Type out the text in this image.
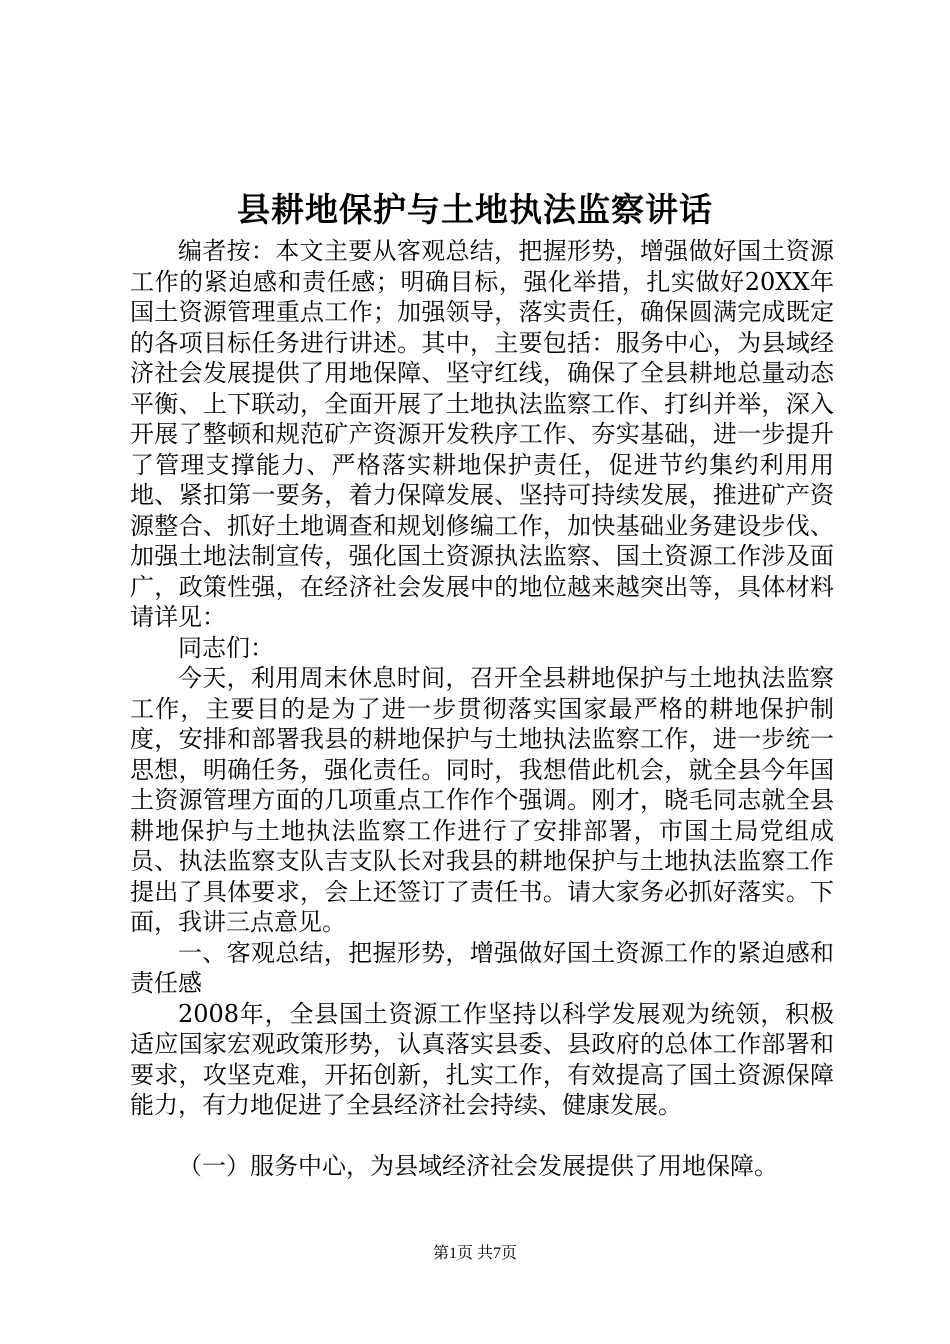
县耕地保护与土地执法监察讲话

编者按：本文主要从客观总结，把握形势，增强做好国土资源工作的紧迫感和责任感；明确目标，强化举措，扎实做好20XX年国土资源管理重点工作；加强领导，落实责任，确保圆满完成既定的各项目标任务进行讲述。其中，主要包括：服务中心，为县域经济社会发展提供了用地保障、坚守红线，确保了全县耕地总量动态平衡、上下联动，全面开展了土地执法监察工作、打纠并举，深入开展了整顿和规范矿产资源开发秩序工作、夯实基础，进一步提升了管理支撑能力、严格落实耕地保护责任，促进节约集约利用用地、紧扣第一要务，着力保障发展、坚持可持续发展，推进矿产资源整合、抓好土地调查和规划修编工作，加快基础业务建设步伐、加强土地法制宣传，强化国土资源执法监察、国土资源工作涉及面广，政策性强，在经济社会发展中的地位越来越突出等，具体材料请详见：

同志们：

今天，利用周末休息时间，召开全县耕地保护与土地执法监察工作，主要目的是为了进一步贯彻落实国家最严格的耕地保护制度，安排和部署我县的耕地保护与土地执法监察工作，进一步统一思想，明确任务，强化责任。同时，我想借此机会，就全县今年国土资源管理方面的几项重点工作作个强调。刚才，晓毛同志就全县耕地保护与土地执法监察工作进行了安排部署，市国土局党组成员、执法监察支队吉支队长对我县的耕地保护与土地执法监察工作提出了具体要求，会上还签订了责任书。请大家务必抓好落实。下面，我讲三点意见。

一、客观总结，把握形势，增强做好国土资源工作的紧迫感和责任感

2008年，全县国土资源工作坚持以科学发展观为统领，积极适应国家宏观政策形势，认真落实县委、县政府的总体工作部署和要求，攻坚克难，开拓创新，扎实工作，有效提高了国土资源保障能力，有力地促进了全县经济社会持续、健康发展。

（一）服务中心，为县域经济社会发展提供了用地保障。

第1页 共7页
